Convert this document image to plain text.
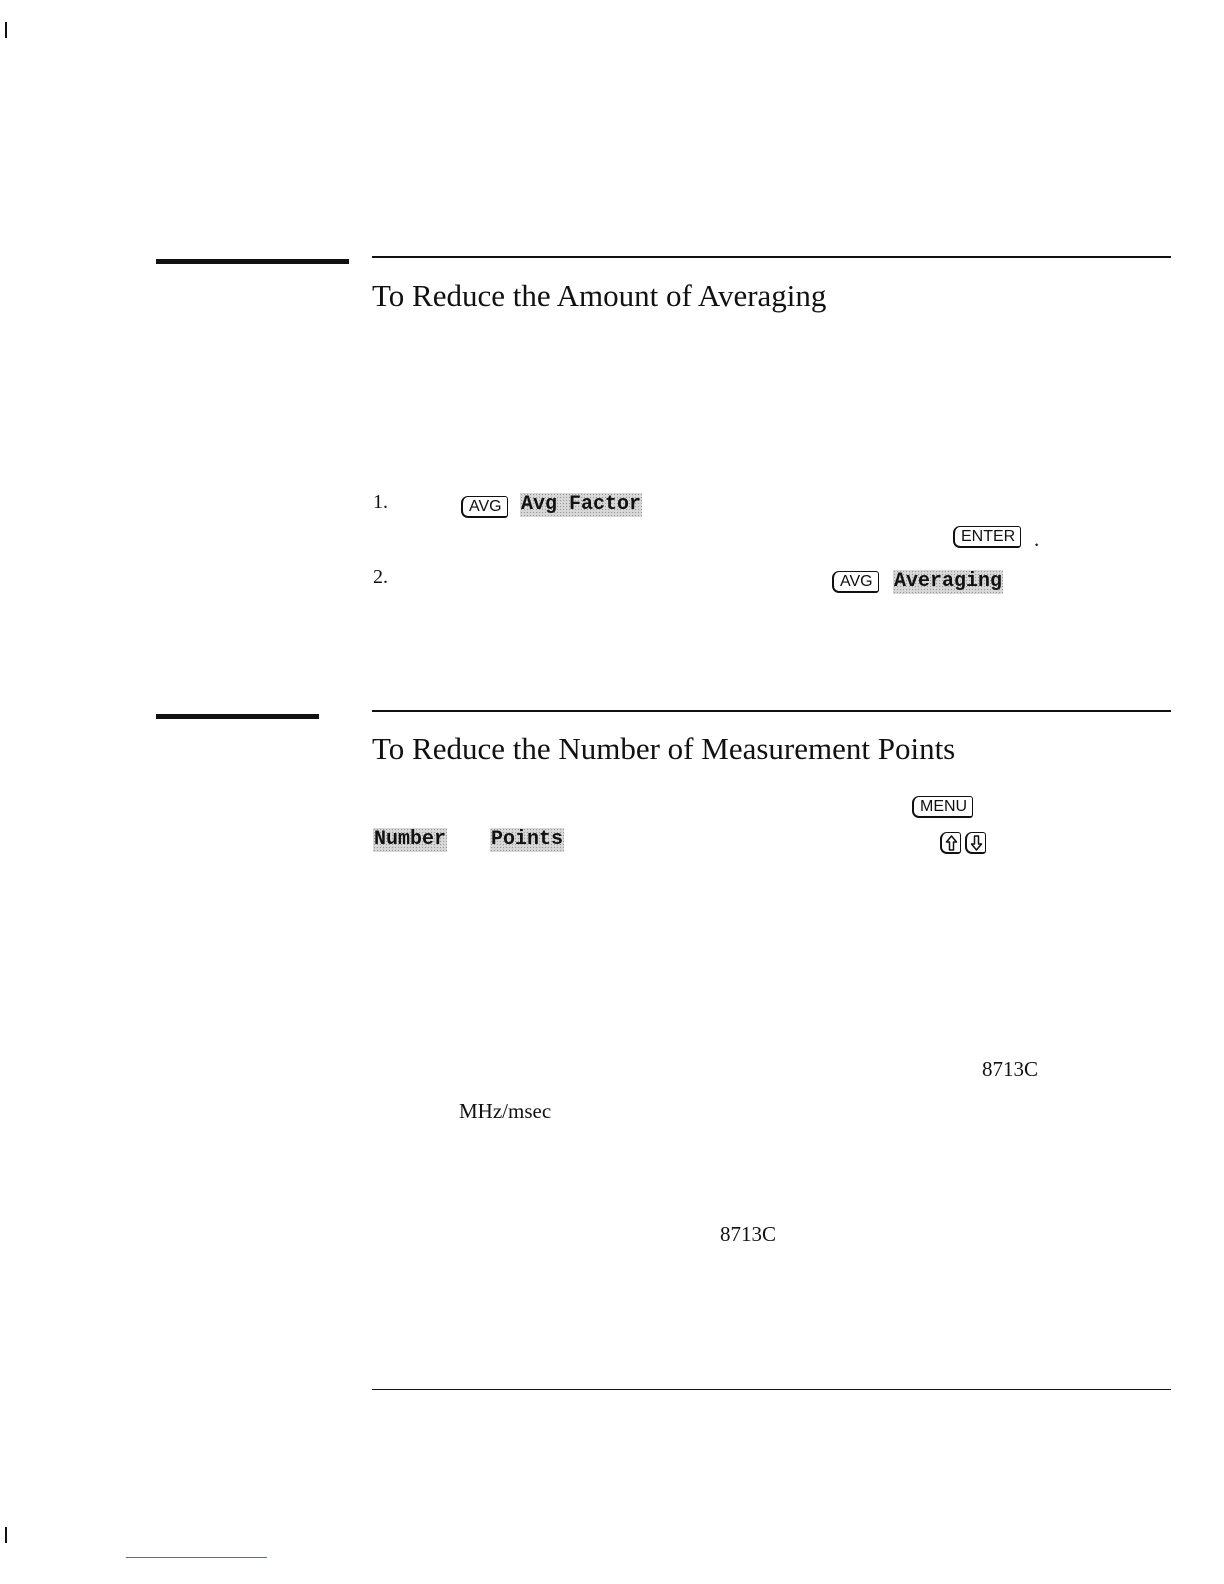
To Reduce the Amount of Averaging
1.	AVG Avg Factor
ENTER .
2.	AVG	Averaging
To Reduce the Number of Measurement Points
MENU
Number Points
8713C
MHz/msec
8713C
